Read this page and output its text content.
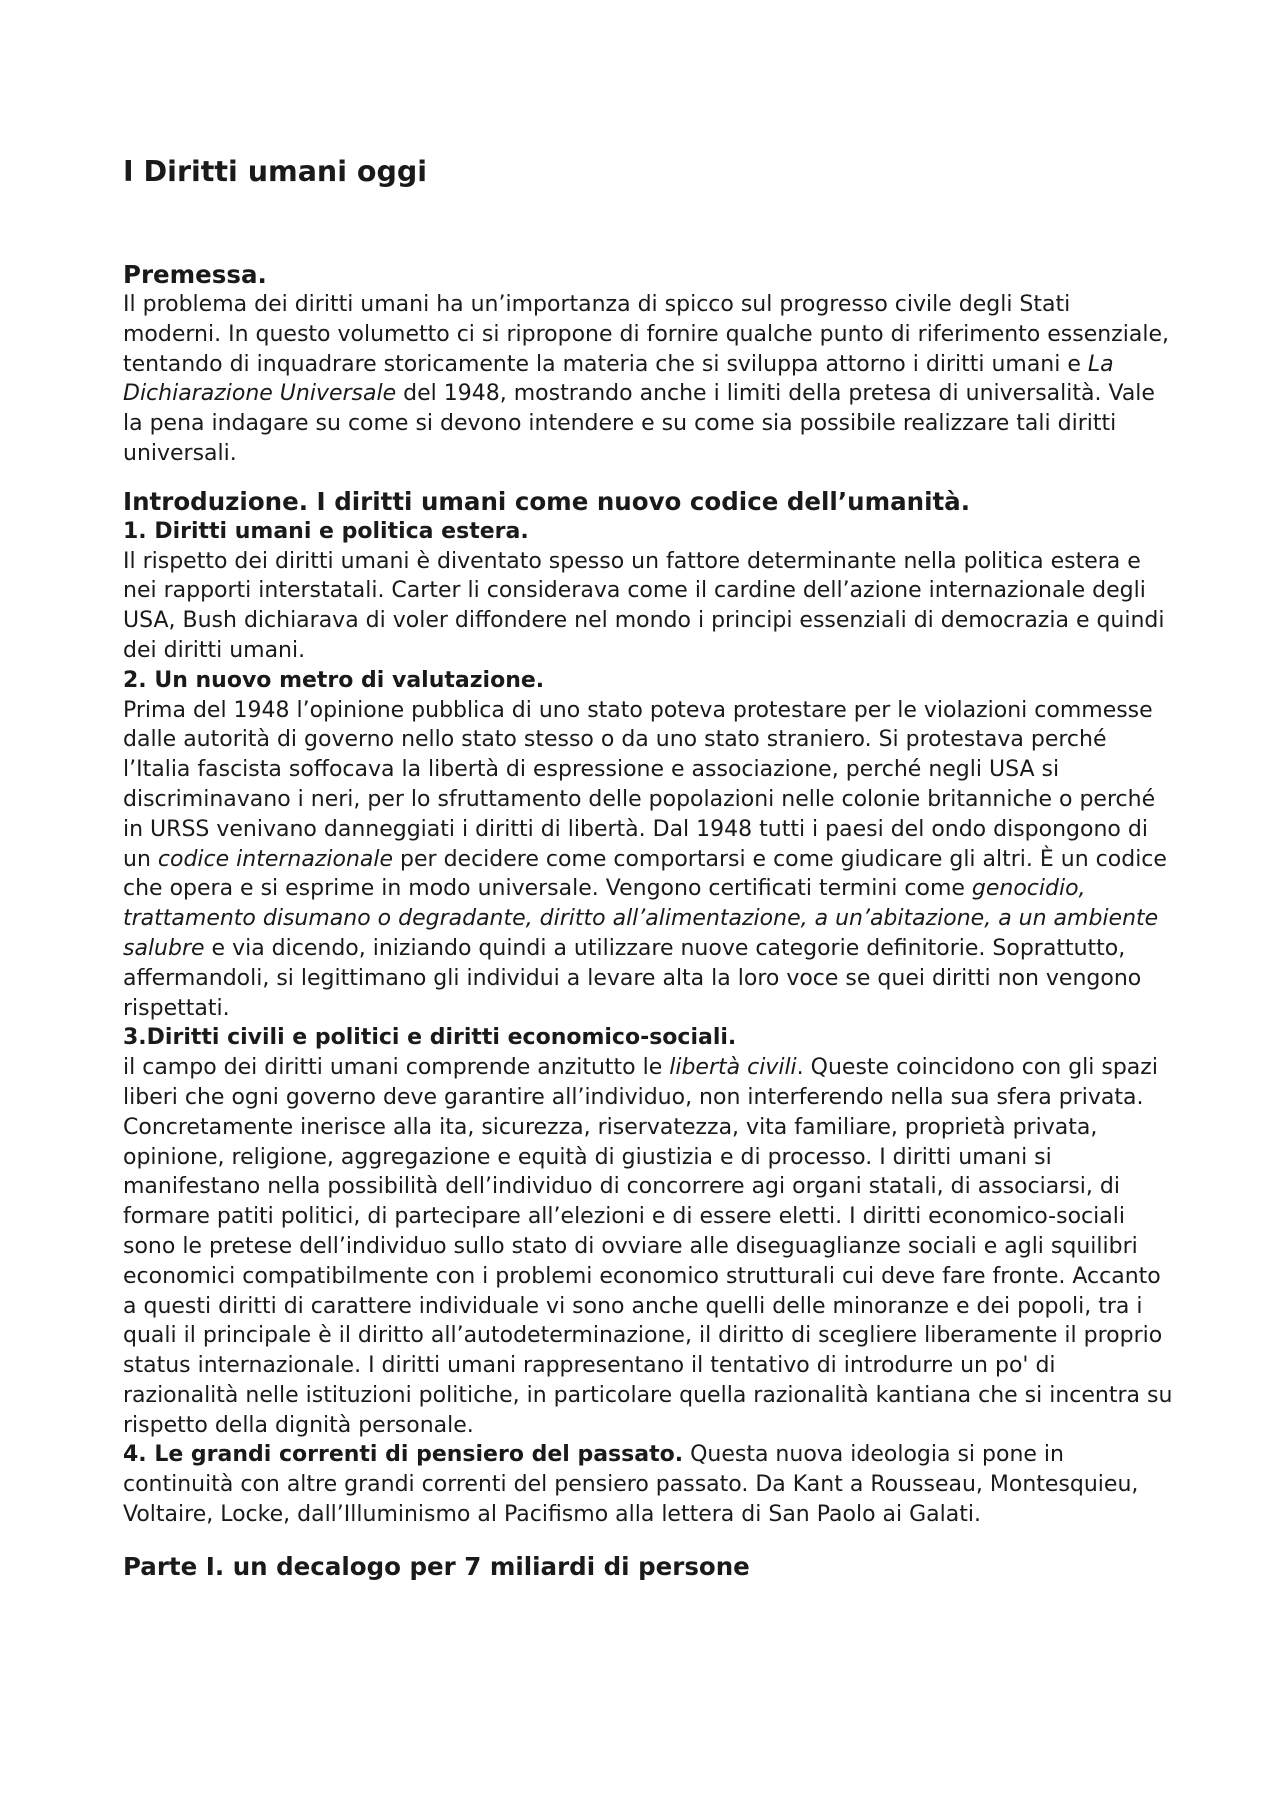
I Diritti umani oggi
Premessa.

Il problema dei diritti umani ha un’importanza di spicco sul progresso civile degli Stati moderni. In questo volumetto ci si ripropone di fornire qualche punto di riferimento essenziale, tentando di inquadrare storicamente la materia che si sviluppa attorno i diritti umani e La Dichiarazione Universale del 1948, mostrando anche i limiti della pretesa di universalità. Vale la pena indagare su come si devono intendere e su come sia possibile realizzare tali diritti universali.

Introduzione. I diritti umani come nuovo codice dell’umanità.
1. Diritti umani e politica estera.
Il rispetto dei diritti umani è diventato spesso un fattore determinante nella politica estera e nei rapporti interstatali. Carter li considerava come il cardine dell’azione internazionale degli USA, Bush dichiarava di voler diffondere nel mondo i principi essenziali di democrazia e quindi dei diritti umani.
2. Un nuovo metro di valutazione.
Prima del 1948 l’opinione pubblica di uno stato poteva protestare per le violazioni commesse dalle autorità di governo nello stato stesso o da uno stato straniero. Si protestava perché l’Italia fascista soffocava la libertà di espressione e associazione, perché negli USA si discriminavano i neri, per lo sfruttamento delle popolazioni nelle colonie britanniche o perché in URSS venivano danneggiati i diritti di libertà. Dal 1948 tutti i paesi del ondo dispongono di un codice internazionale per decidere come comportarsi e come giudicare gli altri. È un codice che opera e si esprime in modo universale. Vengono certificati termini come genocidio, trattamento disumano o degradante, diritto all’alimentazione, a un’abitazione, a un ambiente salubre e via dicendo, iniziando quindi a utilizzare nuove categorie definitorie. Soprattutto, affermandoli, si legittimano gli individui a levare alta la loro voce se quei diritti non vengono rispettati.
3.Diritti civili e politici e diritti economico-sociali.
il campo dei diritti umani comprende anzitutto le libertà civili. Queste coincidono con gli spazi liberi che ogni governo deve garantire all’individuo, non interferendo nella sua sfera privata. Concretamente inerisce alla ita, sicurezza, riservatezza, vita familiare, proprietà privata, opinione, religione, aggregazione e equità di giustizia e di processo. I diritti umani si manifestano nella possibilità dell’individuo di concorrere agi organi statali, di associarsi, di formare patiti politici, di partecipare all’elezioni e di essere eletti. I diritti economico-sociali sono le pretese dell’individuo sullo stato di ovviare alle diseguaglianze sociali e agli squilibri economici compatibilmente con i problemi economico strutturali cui deve fare fronte. Accanto a questi diritti di carattere individuale vi sono anche quelli delle minoranze e dei popoli, tra i quali il principale è il diritto all’autodeterminazione, il diritto di scegliere liberamente il proprio status internazionale. I diritti umani rappresentano il tentativo di introdurre un po' di razionalità nelle istituzioni politiche, in particolare quella razionalità kantiana che si incentra su rispetto della dignità personale.
4. Le grandi correnti di pensiero del passato. Questa nuova ideologia si pone in continuità con altre grandi correnti del pensiero passato. Da Kant a Rousseau, Montesquieu, Voltaire, Locke, dall’Illuminismo al Pacifismo alla lettera di San Paolo ai Galati.
Parte I. un decalogo per 7 miliardi di persone
